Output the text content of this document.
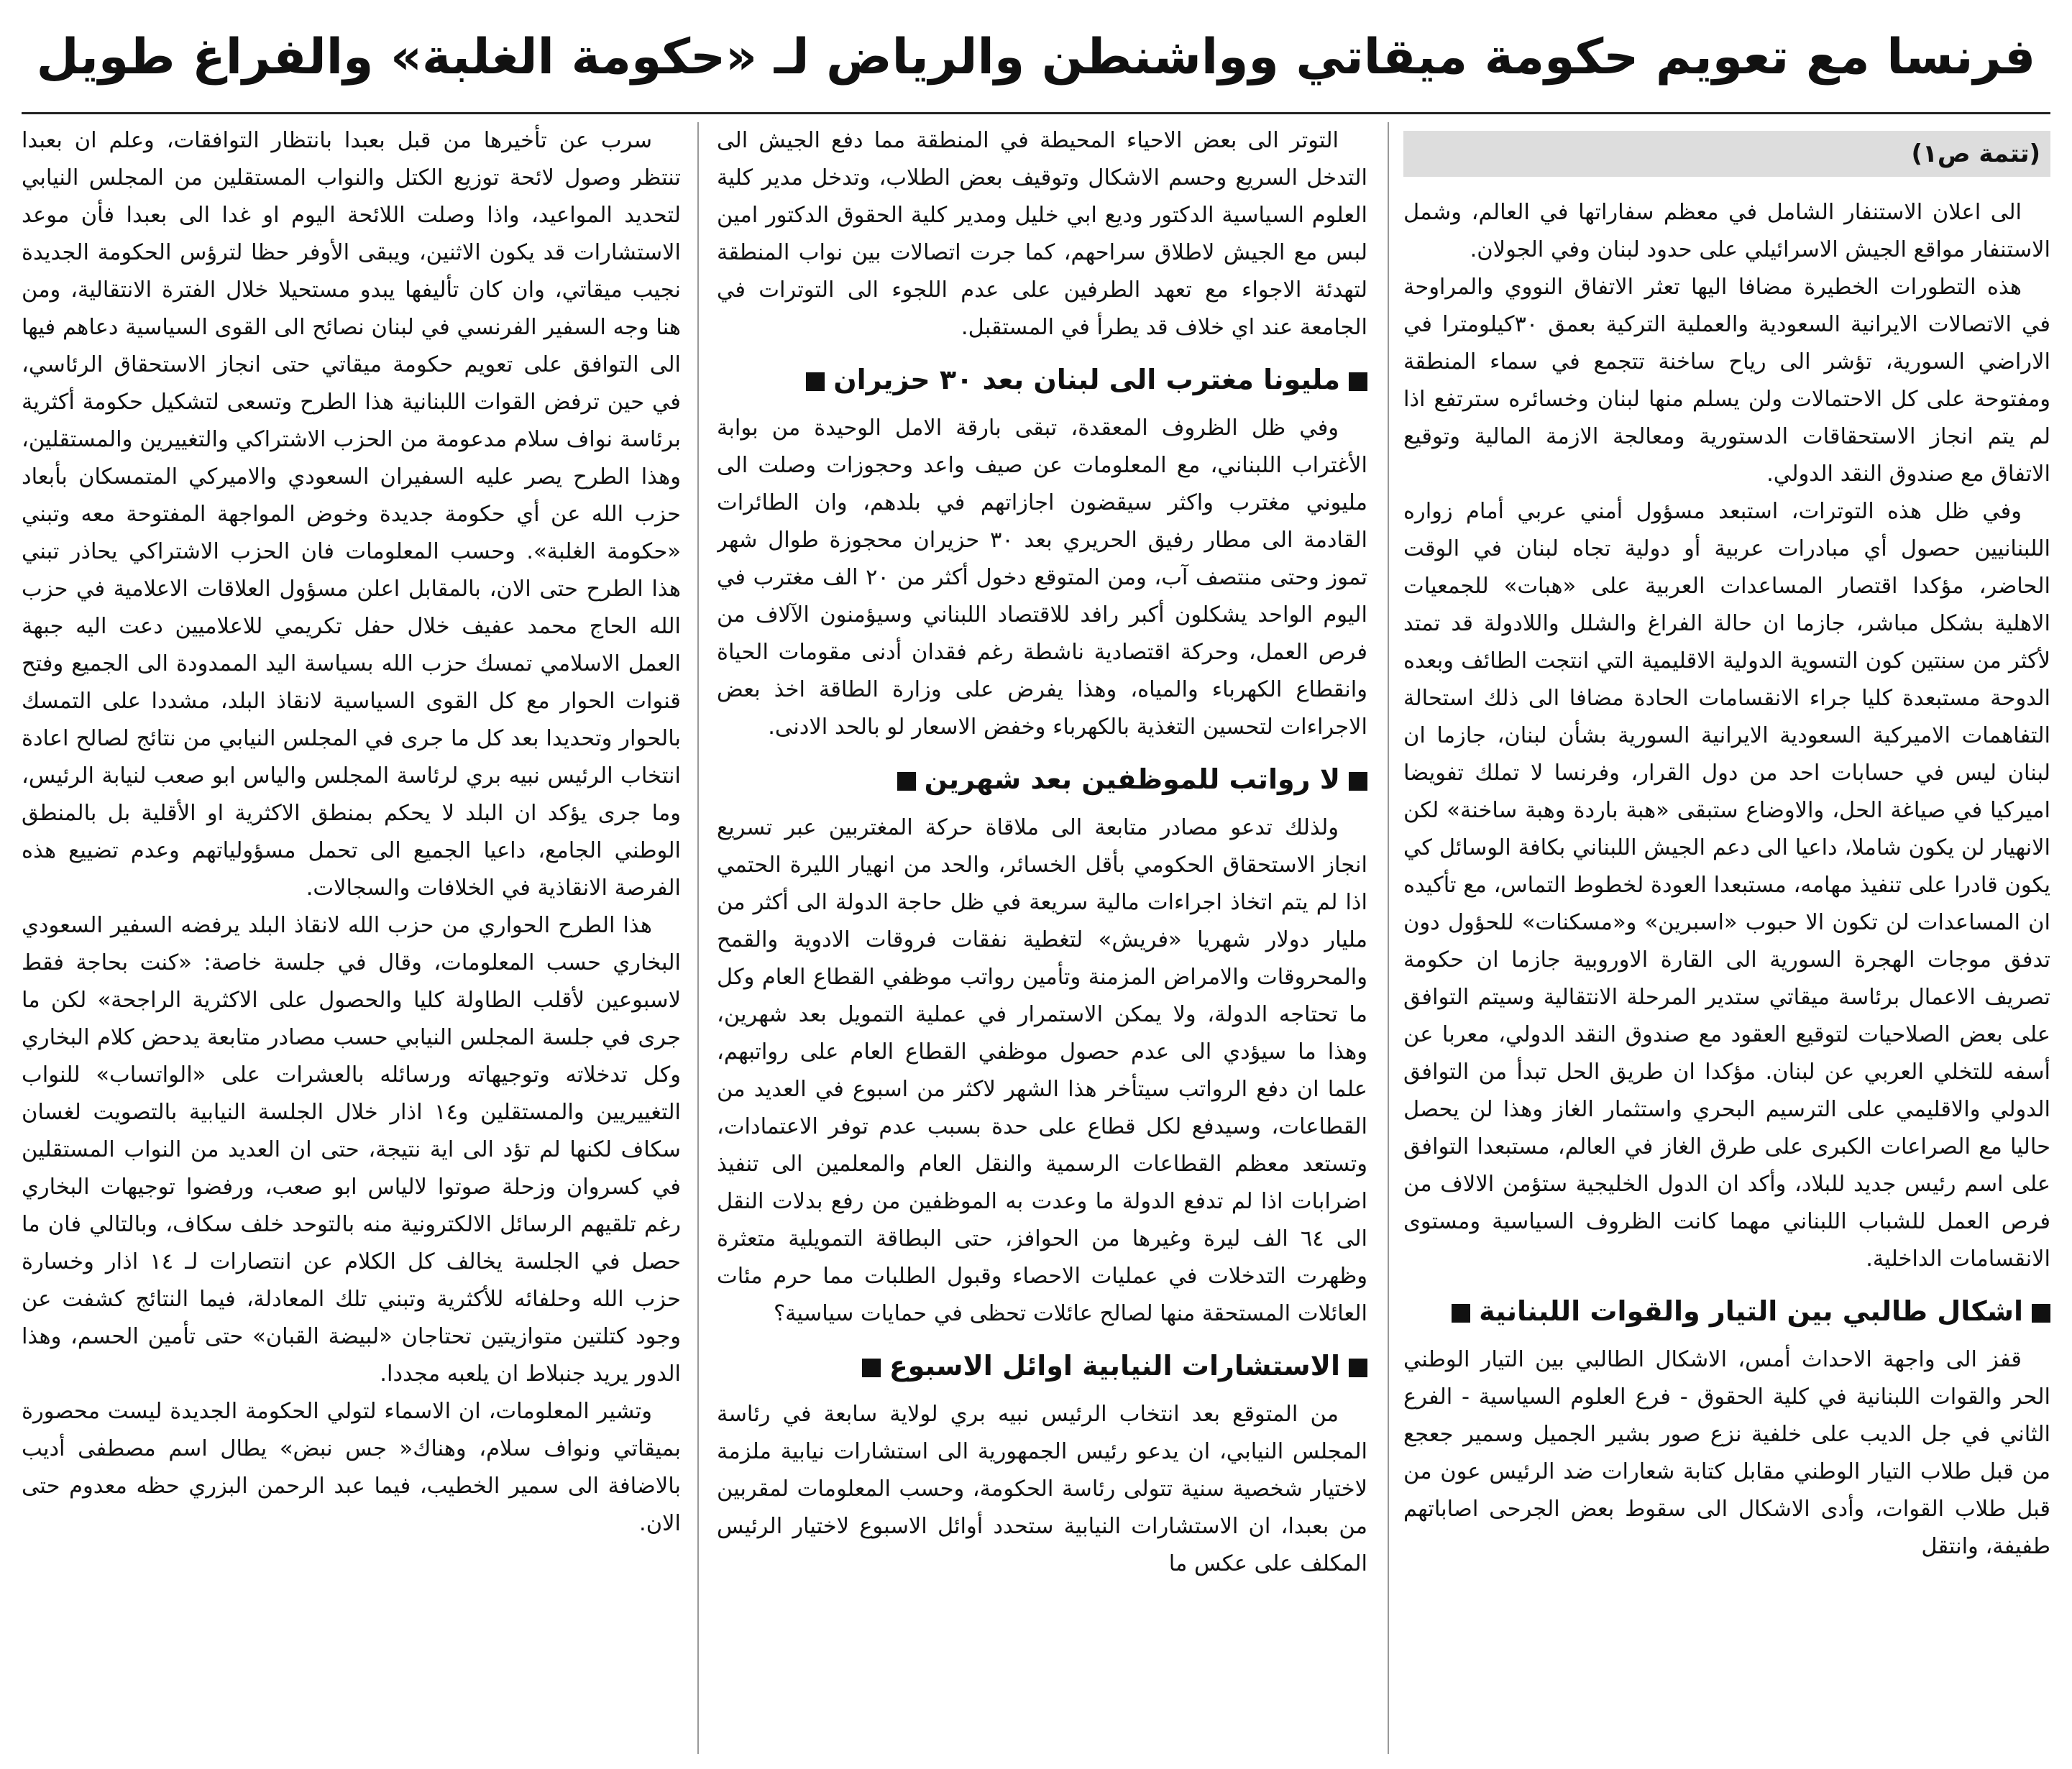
فرنسا مع تعويم حكومة ميقاتي وواشنطن والرياض لـ «حكومة الغلبة» والفراغ طويل
(تتمة ص١)

الى اعلان الاستنفار الشامل في معظم سفاراتها في العالم، وشمل الاستنفار مواقع الجيش الاسرائيلي على حدود لبنان وفي الجولان.

هذه التطورات الخطيرة مضافا اليها تعثر الاتفاق النووي والمراوحة في الاتصالات الايرانية السعودية والعملية التركية بعمق ٣٠كيلومترا في الاراضي السورية، تؤشر الى رياح ساخنة تتجمع في سماء المنطقة ومفتوحة على كل الاحتمالات ولن يسلم منها لبنان وخسائره سترتفع اذا لم يتم انجاز الاستحقاقات الدستورية ومعالجة الازمة المالية وتوقيع الاتفاق مع صندوق النقد الدولي.

وفي ظل هذه التوترات، استبعد مسؤول أمني عربي أمام زواره اللبنانيين حصول أي مبادرات عربية أو دولية تجاه لبنان في الوقت الحاضر، مؤكدا اقتصار المساعدات العربية على «هبات» للجمعيات الاهلية بشكل مباشر، جازما ان حالة الفراغ والشلل واللادولة قد تمتد لأكثر من سنتين كون التسوية الدولية الاقليمية التي انتجت الطائف وبعده الدوحة مستبعدة كليا جراء الانقسامات الحادة مضافا الى ذلك استحالة التفاهمات الاميركية السعودية الايرانية السورية بشأن لبنان، جازما ان لبنان ليس في حسابات احد من دول القرار، وفرنسا لا تملك تفويضا اميركيا في صياغة الحل، والاوضاع ستبقى «هبة باردة وهبة ساخنة» لكن الانهيار لن يكون شاملا، داعيا الى دعم الجيش اللبناني بكافة الوسائل كي يكون قادرا على تنفيذ مهامه، مستبعدا العودة لخطوط التماس، مع تأكيده ان المساعدات لن تكون الا حبوب «اسبرين» و«مسكنات» للحؤول دون تدفق موجات الهجرة السورية الى القارة الاوروبية جازما ان حكومة تصريف الاعمال برئاسة ميقاتي ستدير المرحلة الانتقالية وسيتم التوافق على بعض الصلاحيات لتوقيع العقود مع صندوق النقد الدولي، معربا عن أسفه للتخلي العربي عن لبنان. مؤكدا ان طريق الحل تبدأ من التوافق الدولي والاقليمي على الترسيم البحري واستثمار الغاز وهذا لن يحصل حاليا مع الصراعات الكبرى على طرق الغاز في العالم، مستبعدا التوافق على اسم رئيس جديد للبلاد، وأكد ان الدول الخليجية ستؤمن الالاف من فرص العمل للشباب اللبناني مهما كانت الظروف السياسية ومستوى الانقسامات الداخلية.

اشكال طالبي بين التيار والقوات اللبنانية

قفز الى واجهة الاحداث أمس، الاشكال الطالبي بين التيار الوطني الحر والقوات اللبنانية في كلية الحقوق - فرع العلوم السياسية - الفرع الثاني في جل الديب على خلفية نزع صور بشير الجميل وسمير جعجع من قبل طلاب التيار الوطني مقابل كتابة شعارات ضد الرئيس عون من قبل طلاب القوات، وأدى الاشكال الى سقوط بعض الجرحى اصاباتهم طفيفة، وانتقل

التوتر الى بعض الاحياء المحيطة في المنطقة مما دفع الجيش الى التدخل السريع وحسم الاشكال وتوقيف بعض الطلاب، وتدخل مدير كلية العلوم السياسية الدكتور وديع ابي خليل ومدير كلية الحقوق الدكتور امين لبس مع الجيش لاطلاق سراحهم، كما جرت اتصالات بين نواب المنطقة لتهدئة الاجواء مع تعهد الطرفين على عدم اللجوء الى التوترات في الجامعة عند اي خلاف قد يطرأ في المستقبل.

مليونا مغترب الى لبنان بعد ٣٠ حزيران

وفي ظل الظروف المعقدة، تبقى بارقة الامل الوحيدة من بوابة الأغتراب اللبناني، مع المعلومات عن صيف واعد وحجوزات وصلت الى مليوني مغترب واكثر سيقضون اجازاتهم في بلدهم، وان الطائرات القادمة الى مطار رفيق الحريري بعد ٣٠ حزيران محجوزة طوال شهر تموز وحتى منتصف آب، ومن المتوقع دخول أكثر من ٢٠ الف مغترب في اليوم الواحد يشكلون أكبر رافد للاقتصاد اللبناني وسيؤمنون الآلاف من فرص العمل، وحركة اقتصادية ناشطة رغم فقدان أدنى مقومات الحياة وانقطاع الكهرباء والمياه، وهذا يفرض على وزارة الطاقة اخذ بعض الاجراءات لتحسين التغذية بالكهرباء وخفض الاسعار لو بالحد الادنى.

لا رواتب للموظفين بعد شهرين

ولذلك تدعو مصادر متابعة الى ملاقاة حركة المغتربين عبر تسريع انجاز الاستحقاق الحكومي بأقل الخسائر، والحد من انهيار الليرة الحتمي اذا لم يتم اتخاذ اجراءات مالية سريعة في ظل حاجة الدولة الى أكثر من مليار دولار شهريا «فريش» لتغطية نفقات فروقات الادوية والقمح والمحروقات والامراض المزمنة وتأمين رواتب موظفي القطاع العام وكل ما تحتاجه الدولة، ولا يمكن الاستمرار في عملية التمويل بعد شهرين، وهذا ما سيؤدي الى عدم حصول موظفي القطاع العام على رواتبهم، علما ان دفع الرواتب سيتأخر هذا الشهر لاكثر من اسبوع في العديد من القطاعات، وسيدفع لكل قطاع على حدة بسبب عدم توفر الاعتمادات، وتستعد معظم القطاعات الرسمية والنقل العام والمعلمين الى تنفيذ اضرابات اذا لم تدفع الدولة ما وعدت به الموظفين من رفع بدلات النقل الى ٦٤ الف ليرة وغيرها من الحوافز، حتى البطاقة التمويلية متعثرة وظهرت التدخلات في عمليات الاحصاء وقبول الطلبات مما حرم مئات العائلات المستحقة منها لصالح عائلات تحظى في حمايات سياسية؟

الاستشارات النيابية اوائل الاسبوع

من المتوقع بعد انتخاب الرئيس نبيه بري لولاية سابعة في رئاسة المجلس النيابي، ان يدعو رئيس الجمهورية الى استشارات نيابية ملزمة لاختيار شخصية سنية تتولى رئاسة الحكومة، وحسب المعلومات لمقربين من بعبدا، ان الاستشارات النيابية ستحدد أوائل الاسبوع لاختيار الرئيس المكلف على عكس ما

سرب عن تأخيرها من قبل بعبدا بانتظار التوافقات، وعلم ان بعبدا تنتظر وصول لائحة توزيع الكتل والنواب المستقلين من المجلس النيابي لتحديد المواعيد، واذا وصلت اللائحة اليوم او غدا الى بعبدا فأن موعد الاستشارات قد يكون الاثنين، ويبقى الأوفر حظا لترؤس الحكومة الجديدة نجيب ميقاتي، وان كان تأليفها يبدو مستحيلا خلال الفترة الانتقالية، ومن هنا وجه السفير الفرنسي في لبنان نصائح الى القوى السياسية دعاهم فيها الى التوافق على تعويم حكومة ميقاتي حتى انجاز الاستحقاق الرئاسي، في حين ترفض القوات اللبنانية هذا الطرح وتسعى لتشكيل حكومة أكثرية برئاسة نواف سلام مدعومة من الحزب الاشتراكي والتغييرين والمستقلين، وهذا الطرح يصر عليه السفيران السعودي والاميركي المتمسكان بأبعاد حزب الله عن أي حكومة جديدة وخوض المواجهة المفتوحة معه وتبني «حكومة الغلبة». وحسب المعلومات فان الحزب الاشتراكي يحاذر تبني هذا الطرح حتى الان، بالمقابل اعلن مسؤول العلاقات الاعلامية في حزب الله الحاج محمد عفيف خلال حفل تكريمي للاعلاميين دعت اليه جبهة العمل الاسلامي تمسك حزب الله بسياسة اليد الممدودة الى الجميع وفتح قنوات الحوار مع كل القوى السياسية لانقاذ البلد، مشددا على التمسك بالحوار وتحديدا بعد كل ما جرى في المجلس النيابي من نتائج لصالح اعادة انتخاب الرئيس نبيه بري لرئاسة المجلس والياس ابو صعب لنيابة الرئيس، وما جرى يؤكد ان البلد لا يحكم بمنطق الاكثرية او الأقلية بل بالمنطق الوطني الجامع، داعيا الجميع الى تحمل مسؤولياتهم وعدم تضييع هذه الفرصة الانقاذية في الخلافات والسجالات.

هذا الطرح الحواري من حزب الله لانقاذ البلد يرفضه السفير السعودي البخاري حسب المعلومات، وقال في جلسة خاصة: «كنت بحاجة فقط لاسبوعين لأقلب الطاولة كليا والحصول على الاكثرية الراجحة» لكن ما جرى في جلسة المجلس النيابي حسب مصادر متابعة يدحض كلام البخاري وكل تدخلاته وتوجيهاته ورسائله بالعشرات على «الواتساب» للنواب التغييريين والمستقلين و١٤ اذار خلال الجلسة النيابية بالتصويت لغسان سكاف لكنها لم تؤد الى اية نتيجة، حتى ان العديد من النواب المستقلين في كسروان وزحلة صوتوا لالياس ابو صعب، ورفضوا توجيهات البخاري رغم تلقيهم الرسائل الالكترونية منه بالتوحد خلف سكاف، وبالتالي فان ما حصل في الجلسة يخالف كل الكلام عن انتصارات لـ ١٤ اذار وخسارة حزب الله وحلفائه للأكثرية وتبني تلك المعادلة، فيما النتائج كشفت عن وجود كتلتين متوازيتين تحتاجان «لبيضة القبان» حتى تأمين الحسم، وهذا الدور يريد جنبلاط ان يلعبه مجددا.

وتشير المعلومات، ان الاسماء لتولي الحكومة الجديدة ليست محصورة بميقاتي ونواف سلام، وهناك« جس نبض» يطال اسم مصطفى أديب بالاضافة الى سمير الخطيب، فيما عبد الرحمن البزري حظه معدوم حتى الان.
